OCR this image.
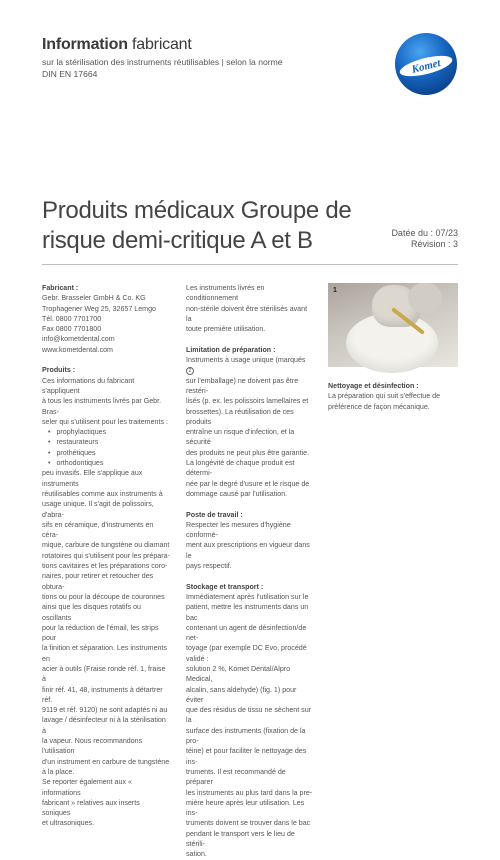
Information fabricant
sur la stérilisation des instruments réutilisables | selon la norme
DIN EN 17664	Komet
Produits médicaux Groupe de
risque demi-critique A et B	Datée du : 07/23
Révision : 3
Fabricant :
Gebr. Brasseler GmbH & Co. KG
Trophagener Weg 25, 32657 Lemgo
Tél. 0800 7701700
Fax 0800 7701800
info@kometdental.com
www.kometdental.com
Produits :
Ces informations du fabricant s'appliquent
à tous les instruments livrés par Gebr. Bras-
seler qui s'utilisent pour les traitements :
• prophylactiques
• restaurateurs
• prothétiques
• orthodontiques
peu invasifs. Elle s'applique aux instruments
réutilisables comme aux instruments à
usage unique. Il s'agit de polissoirs, d'abra-
sifs en céramique, d'instruments en céra-
mique, carbure de tungstène ou diamant
rotatoires qui s'utilisent pour les prépara-
tions cavitaires et les préparations coro-
naires, pour retirer et retoucher des obtura-
tions ou pour la découpe de couronnes
ainsi que les disques rotatifs ou oscillants
pour la réduction de l'émail, les strips pour
la finition et séparation. Les instruments en
acier à outils (Fraise ronde réf. 1, fraise à
finir réf. 41, 48, instruments à détartrer réf.
9119 et réf. 9120) ne sont adaptés ni au
lavage / désinfecteur ni à la stérilisation à
la vapeur. Nous recommandons l'utilisation
d'un instrument en carbure de tungstène
à la place.
Se reporter également aux « informations
fabricant » relatives aux inserts soniques
et ultrasoniques.
Les instruments livrés en conditionnement
non-stérile doivent être stérilisés avant la
toute première utilisation.
Limitation de préparation :
Instruments à usage unique (marqués 2
sur l'emballage) ne doivent pas être restéri-
lisés (p. ex. les polissoirs lamellaires et
brossettes). La réutilisation de ces produits
entraîne un risque d'infection, et la sécurité
des produits ne peut plus être garantie.
La longévité de chaque produit est détermi-
née par le degré d'usure et le risque de
dommage causé par l'utilisation.
Poste de travail :
Respecter les mesures d'hygiène conformé-
ment aux prescriptions en vigueur dans le
pays respectif.
Stockage et transport :
Immédiatement après l'utilisation sur le
patient, mettre les instruments dans un bac
contenant un agent de désinfection/de net-
toyage (par exemple DC Evo, procédé validé :
solution 2 %, Komet Dental/Alpro Medical,
alcalin, sans aldehyde) (fig. 1) pour éviter
que des résidus de tissu ne sèchent sur la
surface des instruments (fixation de la pro-
téine) et pour faciliter le nettoyage des ins-
truments. Il est recommandé de préparer
les instruments au plus tard dans la pre-
mière heure après leur utilisation. Les ins-
truments doivent se trouver dans le bac
pendant le transport vers le lieu de stérili-
sation.
1
Nettoyage et désinfection :
La préparation qui suit s'effectue de
préférence de façon mécanique.
